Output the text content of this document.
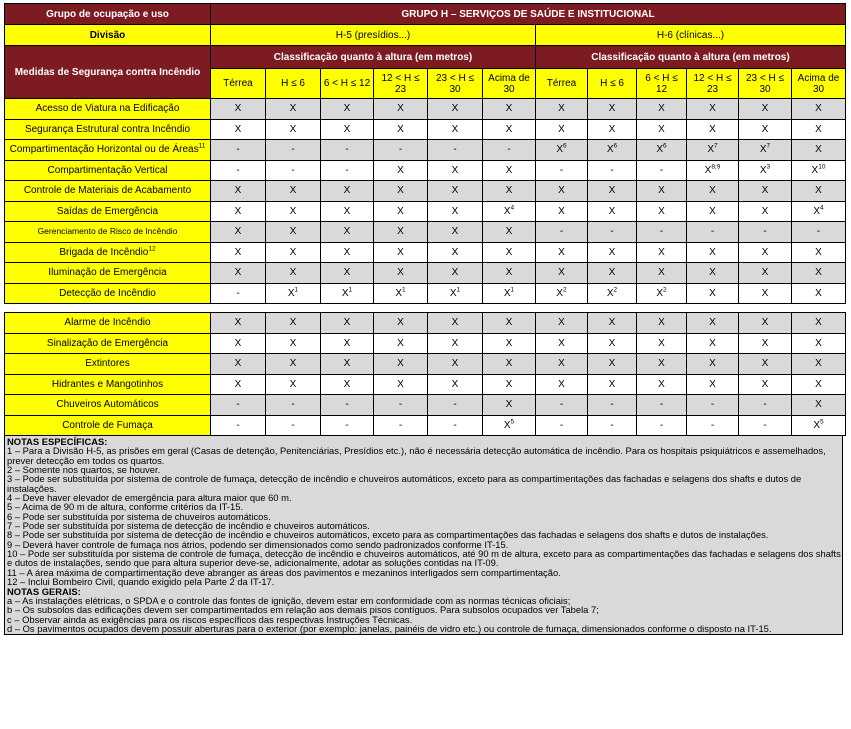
Grupo de ocupação e uso	GRUPO H – SERVIÇOS DE SAÚDE E INSTITUCIONAL											
Divisão	H-5 (presídios...)						H-6 (clínicas...)					
Medidas de Segurança contra Incêndio	Classificação quanto à altura (em metros)						Classificação quanto à altura (em metros)					
	Térrea	H ≤ 6	6 < H ≤ 12	12 < H ≤ 23	23 < H ≤ 30	Acima de 30	Térrea	H ≤ 6	6 < H ≤ 12	12 < H ≤ 23	23 < H ≤ 30	Acima de 30
Acesso de Viatura na Edificação	X	X	X	X	X	X	X	X	X	X	X	X
Segurança Estrutural contra Incêndio	X	X	X	X	X	X	X	X	X	X	X	X
Compartimentação Horizontal ou de Áreas$^{11}$	-	-	-	-	-	-	$X^6$	$X^6$	$X^6$	$X^7$	$X^7$	X
Compartimentação Vertical	-	-	-	X	X	X	-	-	-	$X^{8;9}$	$X^3$	$X^{10}$
Controle de Materiais de Acabamento	X	X	X	X	X	X	X	X	X	X	X	X
Saídas de Emergência	X	X	X	X	X	$X^4$	X	X	X	X	X	$X^4$
Gerenciamento de Risco de Incêndio	X	X	X	X	X	X	-	-	-	-	-	-
Brigada de Incêndio$^{12}$	X	X	X	X	X	X	X	X	X	X	X	X
Iluminação de Emergência	X	X	X	X	X	X	X	X	X	X	X	X
Detecção de Incêndio	-	$X^1$	$X^1$	$X^1$	$X^1$	$X^1$	$X^2$	$X^2$	$X^2$	X	X	X

Alarme de Incêndio	X	X	X	X	X	X	X	X	X	X	X	X
Sinalização de Emergência	X	X	X	X	X	X	X	X	X	X	X	X
Extintores	X	X	X	X	X	X	X	X	X	X	X	X
Hidrantes e Mangotinhos	X	X	X	X	X	X	X	X	X	X	X	X
Chuveiros Automáticos	-	-	-	-	-	X	-	-	-	-	-	X
Controle de Fumaça	-	-	-	-	-	$X^5$	-	-	-	-	-	$X^5$

NOTAS ESPECÍFICAS:

1 – Para a Divisão H-5, as prisões em geral (Casas de detenção, Penitenciárias, Presídios etc.), não é necessária detecção automática de incêndio. Para os hospitais psiquiátricos e assemelhados, prever detecção em todos os quartos.

2 – Somente nos quartos, se houver.

3 – Pode ser substituída por sistema de controle de fumaça, detecção de incêndio e chuveiros automáticos, exceto para as compartimentações das fachadas e selagens dos shafts e dutos de instalações.

4 – Deve haver elevador de emergência para altura maior que 60 m.

5 – Acima de 90 m de altura, conforme critérios da IT-15.

6 – Pode ser substituída por sistema de chuveiros automáticos.

7 – Pode ser substituída por sistema de detecção de incêndio e chuveiros automáticos.

8 – Pode ser substituída por sistema de detecção de incêndio e chuveiros automáticos, exceto para as compartimentações das fachadas e selagens dos shafts e dutos de instalações.

9 – Deverá haver controle de fumaça nos átrios, podendo ser dimensionados como sendo padronizados conforme IT-15.

10 – Pode ser substituída por sistema de controle de fumaça, detecção de incêndio e chuveiros automáticos, até 90 m de altura, exceto para as compartimentações das fachadas e selagens dos shafts e dutos de instalações, sendo que para altura superior deve-se, adicionalmente, adotar as soluções contidas na IT-09.

11 – A área máxima de compartimentação deve abranger as áreas dos pavimentos e mezaninos interligados sem compartimentação.

12 – Inclui Bombeiro Civil, quando exigido pela Parte 2 da IT-17.

NOTAS GERAIS:

a – As instalações elétricas, o SPDA e o controle das fontes de ignição, devem estar em conformidade com as normas técnicas oficiais;

b – Os subsolos das edificações devem ser compartimentados em relação aos demais pisos contíguos. Para subsolos ocupados ver Tabela 7;

c – Observar ainda as exigências para os riscos específicos das respectivas Instruções Técnicas.

d – Os pavimentos ocupados devem possuir aberturas para o exterior (por exemplo: janelas, painéis de vidro etc.) ou controle de fumaça, dimensionados conforme o disposto na IT-15.
